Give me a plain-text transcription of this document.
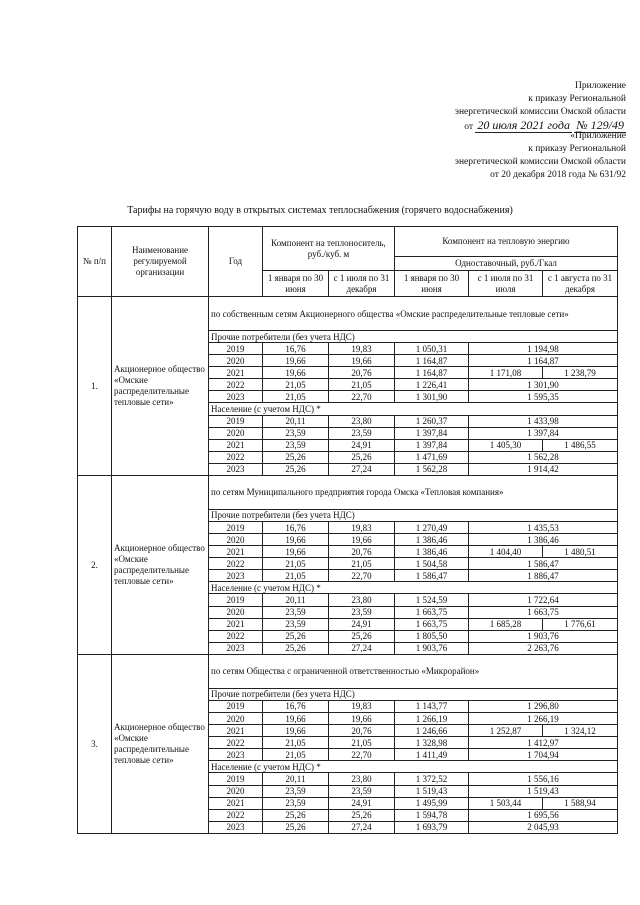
Приложение
к приказу Региональной
энергетической комиссии Омской области
от 20 июля 2021 года № 129/49
«Приложение
к приказу Региональной
энергетической комиссии Омской области
от 20 декабря 2018 года № 631/92
Тарифы на горячую воду в открытых системах теплоснабжения (горячего водоснабжения)
№ п/п	Наименование регулируемой организации	Год	Компонент на теплоноситель, руб./куб. м		Компонент на тепловую энергию		
					Одноставочный, руб./Гкал		
			1 января по 30 июня	с 1 июля по 31 декабря	1 января по 30 июня	с 1 июля по 31 июля	с 1 августа по 31 декабря
1.	Акционерное общество «Омские распределительные тепловые сети»	по собственным сетям Акционерного общества «Омские распределительные тепловые сети»					
		Прочие потребители (без учета НДС)					
		2019	16,76	19,83	1 050,31	1 194,98	
		2020	19,66	19,66	1 164,87	1 164,87	
		2021	19,66	20,76	1 164,87	1 171,08	1 238,79
		2022	21,05	21,05	1 226,41	1 301,90	
		2023	21,05	22,70	1 301,90	1 595,35	
		Население (с учетом НДС) *					
		2019	20,11	23,80	1 260,37	1 433,98	
		2020	23,59	23,59	1 397,84	1 397,84	
		2021	23,59	24,91	1 397,84	1 405,30	1 486,55
		2022	25,26	25,26	1 471,69	1 562,28	
		2023	25,26	27,24	1 562,28	1 914,42	
2.	Акционерное общество «Омские распределительные тепловые сети»	по сетям Муниципального предприятия города Омска «Тепловая компания»					
		Прочие потребители (без учета НДС)					
		2019	16,76	19,83	1 270,49	1 435,53	
		2020	19,66	19,66	1 386,46	1 386,46	
		2021	19,66	20,76	1 386,46	1 404,40	1 480,51
		2022	21,05	21,05	1 504,58	1 586,47	
		2023	21,05	22,70	1 586,47	1 886,47	
		Население (с учетом НДС) *					
		2019	20,11	23,80	1 524,59	1 722,64	
		2020	23,59	23,59	1 663,75	1 663,75	
		2021	23,59	24,91	1 663,75	1 685,28	1 776,61
		2022	25,26	25,26	1 805,50	1 903,76	
		2023	25,26	27,24	1 903,76	2 263,76	
3.	Акционерное общество «Омские распределительные тепловые сети»	по сетям Общества с ограниченной ответственностью «Микрорайон»					
		Прочие потребители (без учета НДС)					
		2019	16,76	19,83	1 143,77	1 296,80	
		2020	19,66	19,66	1 266,19	1 266,19	
		2021	19,66	20,76	1 246,66	1 252,87	1 324,12
		2022	21,05	21,05	1 328,98	1 412,97	
		2023	21,05	22,70	1 411,49	1 704,94	
		Население (с учетом НДС) *					
		2019	20,11	23,80	1 372,52	1 556,16	
		2020	23,59	23,59	1 519,43	1 519,43	
		2021	23,59	24,91	1 495,99	1 503,44	1 588,94
		2022	25,26	25,26	1 594,78	1 695,56	
		2023	25,26	27,24	1 693,79	2 045,93	
